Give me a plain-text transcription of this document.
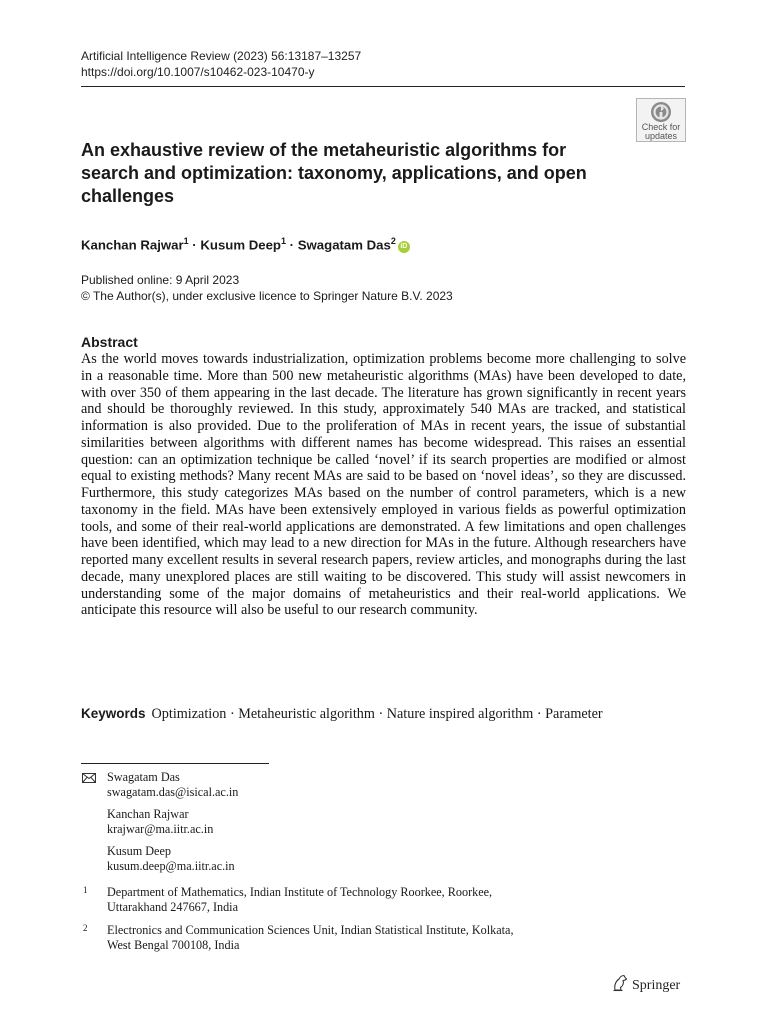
Artificial Intelligence Review (2023) 56:13187–13257
https://doi.org/10.1007/s10462-023-10470-y
Check for
updates
An exhaustive review of the metaheuristic algorithms for search and optimization: taxonomy, applications, and open challenges
Kanchan Rajwar$^1$ · Kusum Deep$^1$ · Swagatam Das$^2$iD
Published online: 9 April 2023
© The Author(s), under exclusive licence to Springer Nature B.V. 2023
Abstract

As the world moves towards industrialization, optimization problems become more challenging to solve in a reasonable time. More than 500 new metaheuristic algorithms (MAs) have been developed to date, with over 350 of them appearing in the last decade. The literature has grown significantly in recent years and should be thoroughly reviewed. In this study, approximately 540 MAs are tracked, and statistical information is also provided. Due to the proliferation of MAs in recent years, the issue of substantial similarities between algorithms with different names has become widespread. This raises an essential question: can an optimization technique be called ‘novel’ if its search properties are modified or almost equal to existing methods? Many recent MAs are said to be based on ‘novel ideas’, so they are discussed. Furthermore, this study categorizes MAs based on the number of control parameters, which is a new taxonomy in the field. MAs have been extensively employed in various fields as powerful optimization tools, and some of their real-world applications are demonstrated. A few limitations and open challenges have been identified, which may lead to a new direction for MAs in the future. Although researchers have reported many excellent results in several research papers, review articles, and monographs during the last decade, many unexplored places are still waiting to be discovered. This study will assist newcomers in understanding some of the major domains of metaheuristics and their real-world applications. We anticipate this resource will also be useful to our research community.

Keywords Optimization · Metaheuristic algorithm · Nature inspired algorithm · Parameter
Swagatam Das
swagatam.das@isical.ac.in
Kanchan Rajwar
krajwar@ma.iitr.ac.in
Kusum Deep
kusum.deep@ma.iitr.ac.in
1 Department of Mathematics, Indian Institute of Technology Roorkee, Roorkee,
Uttarakhand 247667, India
2 Electronics and Communication Sciences Unit, Indian Statistical Institute, Kolkata,
West Bengal 700108, India
Springer
